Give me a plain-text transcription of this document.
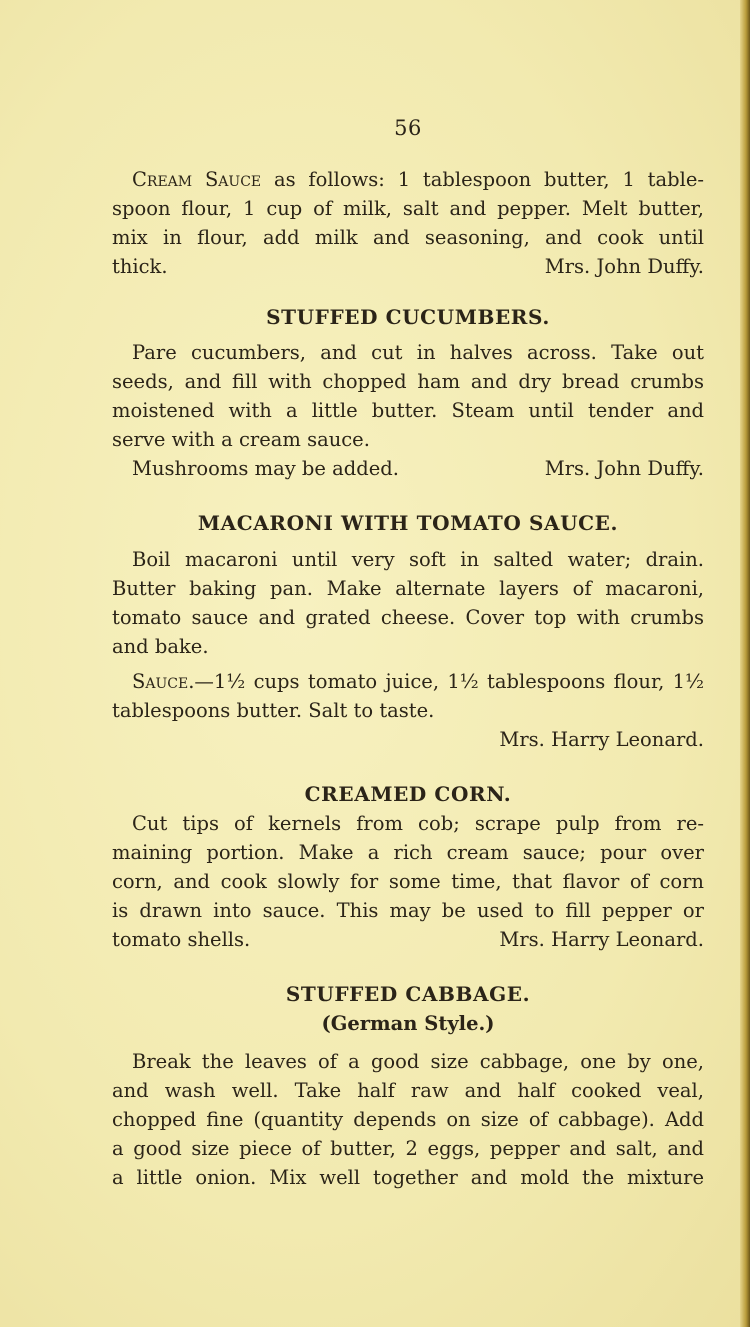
56

Cream Sauce as follows: 1 tablespoon butter, 1 table-

spoon flour, 1 cup of milk, salt and pepper. Melt butter,

mix in flour, add milk and seasoning, and cook until

thick.	Mrs. John Duffy.

STUFFED CUCUMBERS.

Pare cucumbers, and cut in halves across. Take out

seeds, and fill with chopped ham and dry bread crumbs

moistened with a little butter. Steam until tender and

serve with a cream sauce.

Mushrooms may be added.	Mrs. John Duffy.

MACARONI WITH TOMATO SAUCE.

Boil macaroni until very soft in salted water; drain.

Butter baking pan. Make alternate layers of macaroni,

tomato sauce and grated cheese. Cover top with crumbs

and bake.

Sauce.—1½ cups tomato juice, 1½ tablespoons flour, 1½

tablespoons butter. Salt to taste.

Mrs. Harry Leonard.

CREAMED CORN.

Cut tips of kernels from cob; scrape pulp from re-

maining portion. Make a rich cream sauce; pour over

corn, and cook slowly for some time, that flavor of corn

is drawn into sauce. This may be used to fill pepper or

tomato shells.	Mrs. Harry Leonard.

STUFFED CABBAGE.
(German Style.)

Break the leaves of a good size cabbage, one by one,

and wash well. Take half raw and half cooked veal,

chopped fine (quantity depends on size of cabbage). Add

a good size piece of butter, 2 eggs, pepper and salt, and

a little onion. Mix well together and mold the mixture
